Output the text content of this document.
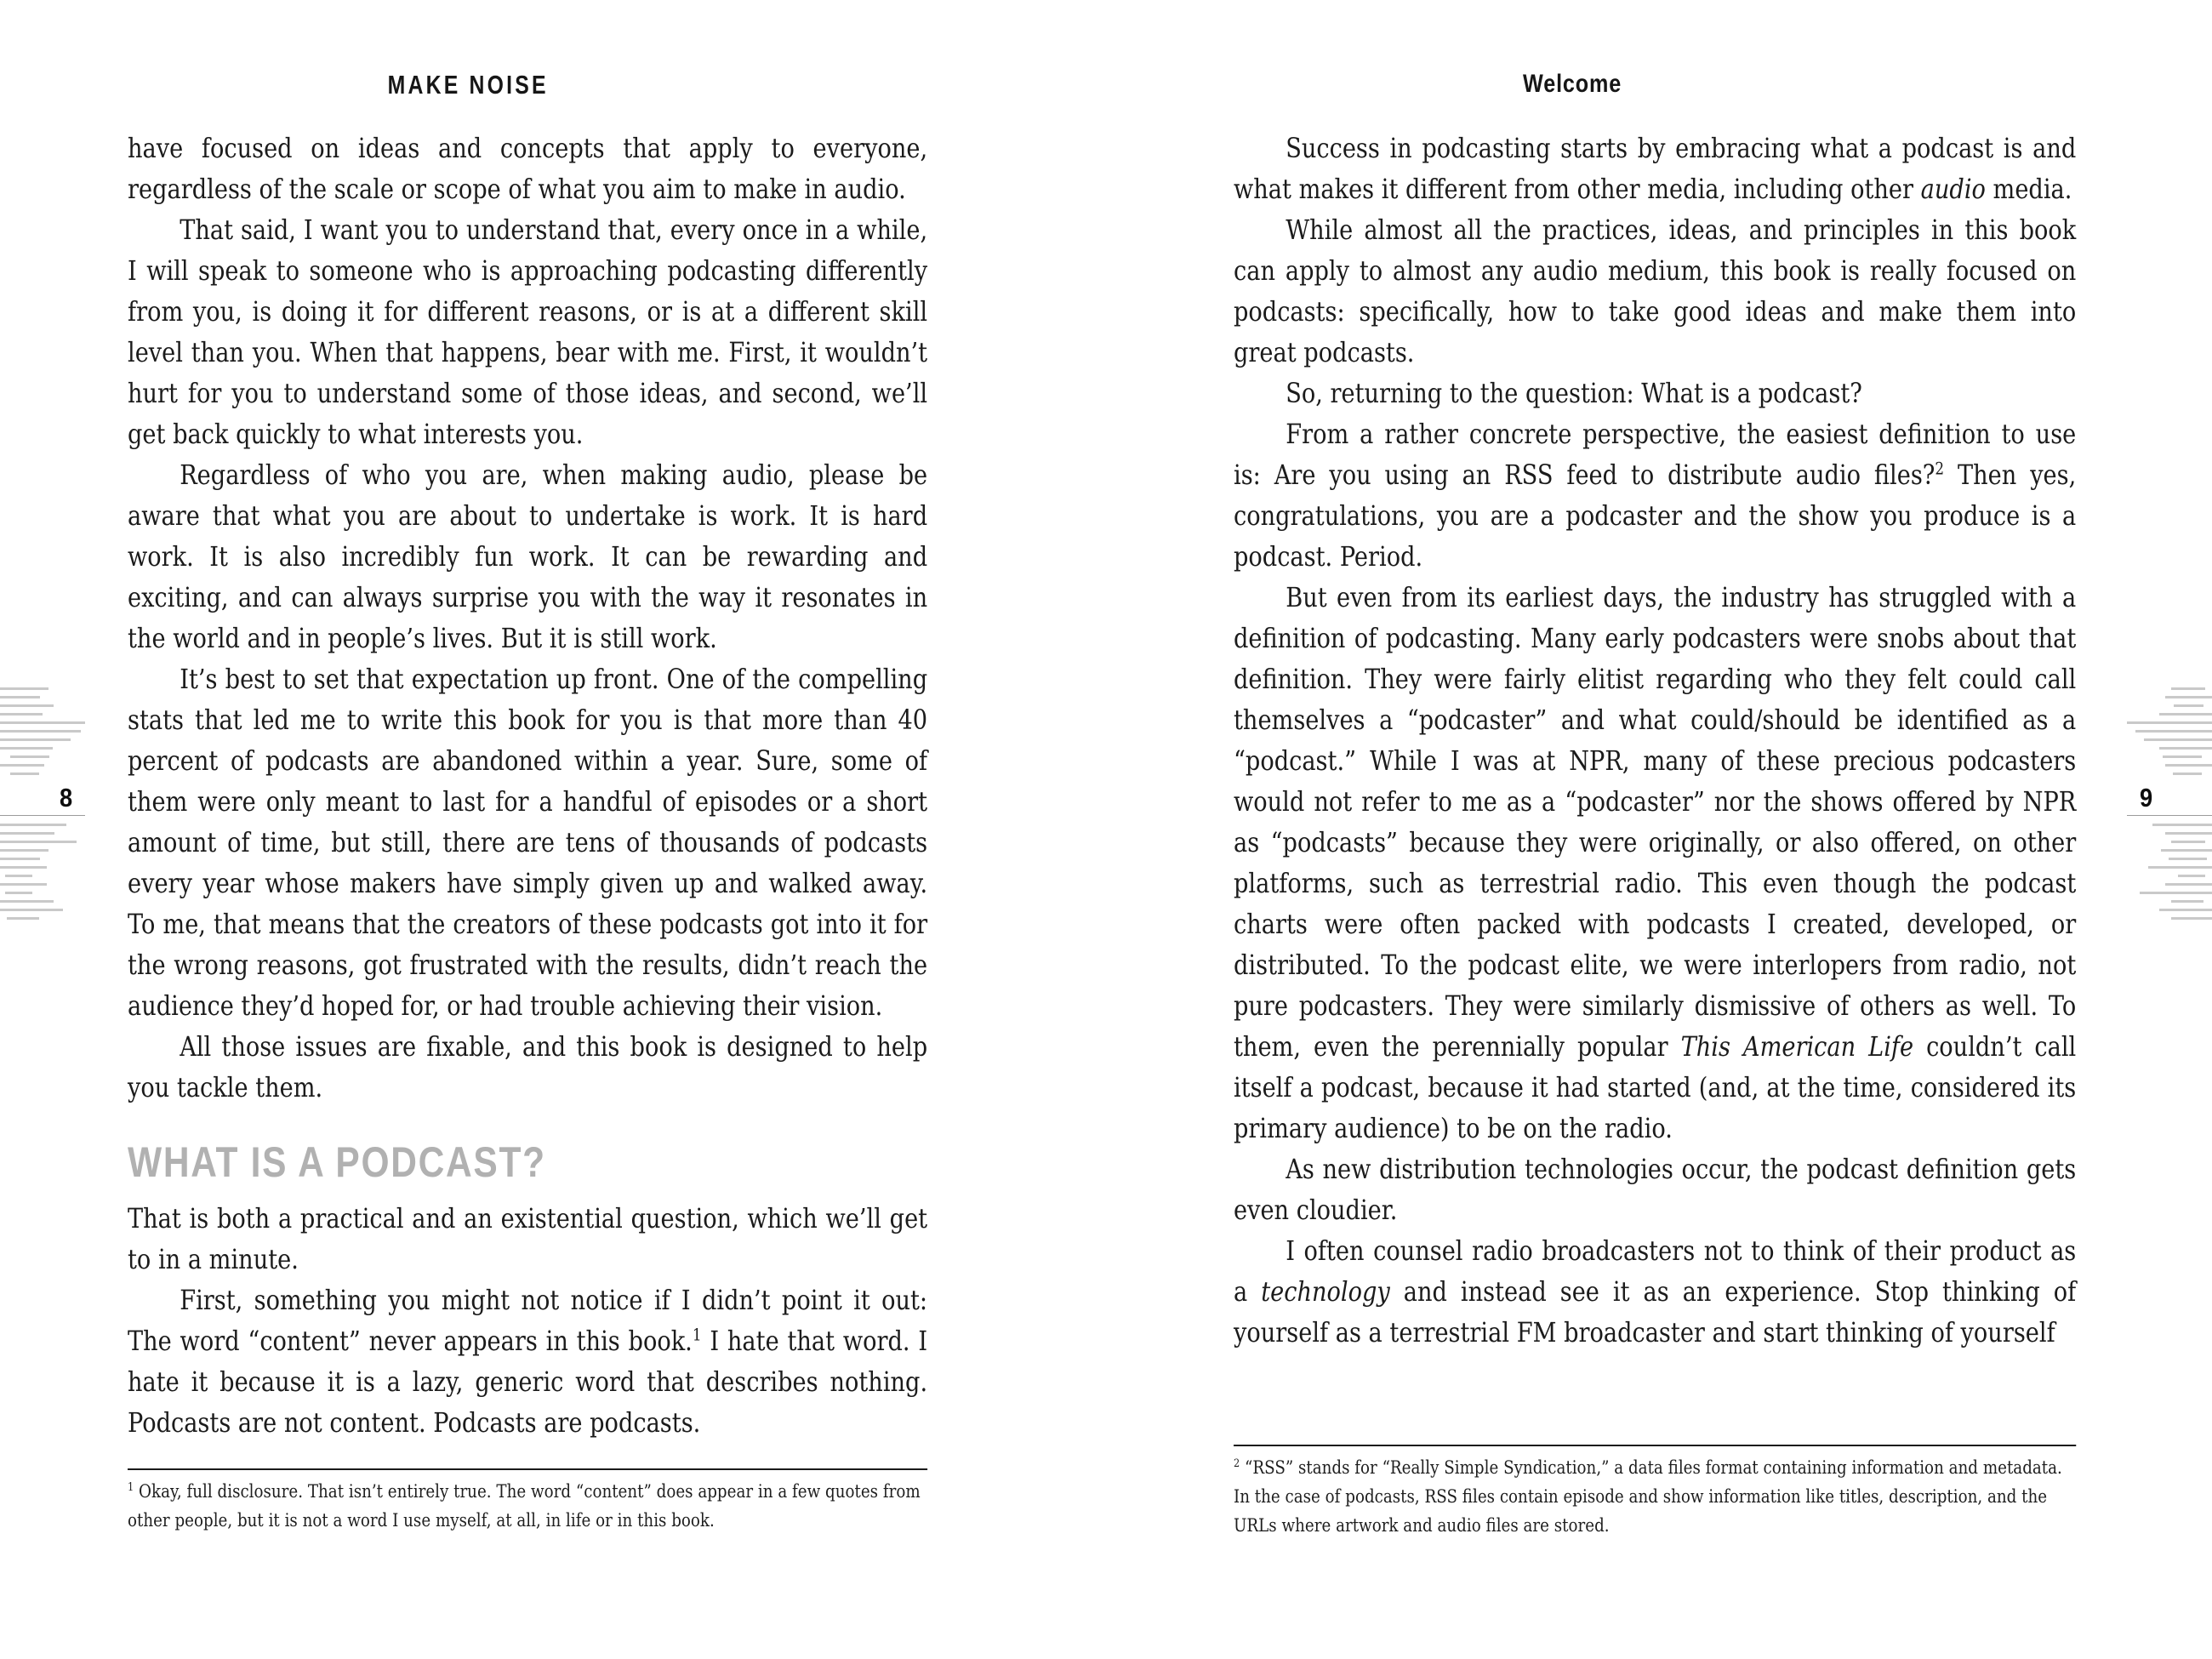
MAKE NOISE	Welcome
have focused on ideas and concepts that apply to everyone, regardless of the scale or scope of what you aim to make in audio.
That said, I want you to understand that, every once in a while, I will speak to someone who is approaching podcasting differently from you, is doing it for different reasons, or is at a different skill level than you. When that happens, bear with me. First, it wouldn’t hurt for you to understand some of those ideas, and second, we’ll get back quickly to what interests you.
Regardless of who you are, when making audio, please be aware that what you are about to undertake is work. It is hard work. It is also incredibly fun work. It can be rewarding and exciting, and can always surprise you with the way it resonates in the world and in people’s lives. But it is still work.
It’s best to set that expectation up front. One of the compelling stats that led me to write this book for you is that more than 40 percent of podcasts are abandoned within a year. Sure, some of them were only meant to last for a handful of episodes or a short amount of time, but still, there are tens of thousands of podcasts every year whose makers have simply given up and walked away. To me, that means that the creators of these podcasts got into it for the wrong reasons, got frustrated with the results, didn’t reach the audience they’d hoped for, or had trouble achieving their vision.
All those issues are fixable, and this book is designed to help you tackle them.
WHAT IS A PODCAST?
That is both a practical and an existential question, which we’ll get to in a minute.
First, something you might not notice if I didn’t point it out: The word “content” never appears in this book.$^1$ I hate that word. I hate it because it is a lazy, generic word that describes nothing. Podcasts are not content. Podcasts are podcasts.
Success in podcasting starts by embracing what a podcast is and what makes it different from other media, including other audio media.
While almost all the practices, ideas, and principles in this book can apply to almost any audio medium, this book is really focused on podcasts: specifically, how to take good ideas and make them into great podcasts.
So, returning to the question: What is a podcast?
From a rather concrete perspective, the easiest definition to use is: Are you using an RSS feed to distribute audio files?$^2$ Then yes, congratulations, you are a podcaster and the show you produce is a podcast. Period.
But even from its earliest days, the industry has struggled with a definition of podcasting. Many early podcasters were snobs about that definition. They were fairly elitist regarding who they felt could call themselves a “podcaster” and what could/should be identified as a “podcast.” While I was at NPR, many of these precious podcasters would not refer to me as a “podcaster” nor the shows offered by NPR as “podcasts” because they were originally, or also offered, on other platforms, such as terrestrial radio. This even though the podcast charts were often packed with podcasts I created, developed, or distributed. To the podcast elite, we were interlopers from radio, not pure podcasters. They were similarly dismissive of others as well. To them, even the perennially popular This American Life couldn’t call itself a podcast, because it had started (and, at the time, considered its primary audience) to be on the radio.
As new distribution technologies occur, the podcast definition gets even cloudier.
I often counsel radio broadcasters not to think of their product as a technology and instead see it as an experience. Stop thinking of yourself as a terrestrial FM broadcaster and start thinking of yourself
$^1$ Okay, full disclosure. That isn’t entirely true. The word “content” does appear in a few quotes from other people, but it is not a word I use myself, at all, in life or in this book.
$^2$ “RSS” stands for “Really Simple Syndication,” a data files format containing information and metadata. In the case of podcasts, RSS files contain episode and show information like titles, description, and the URLs where artwork and audio files are stored.
8	9
